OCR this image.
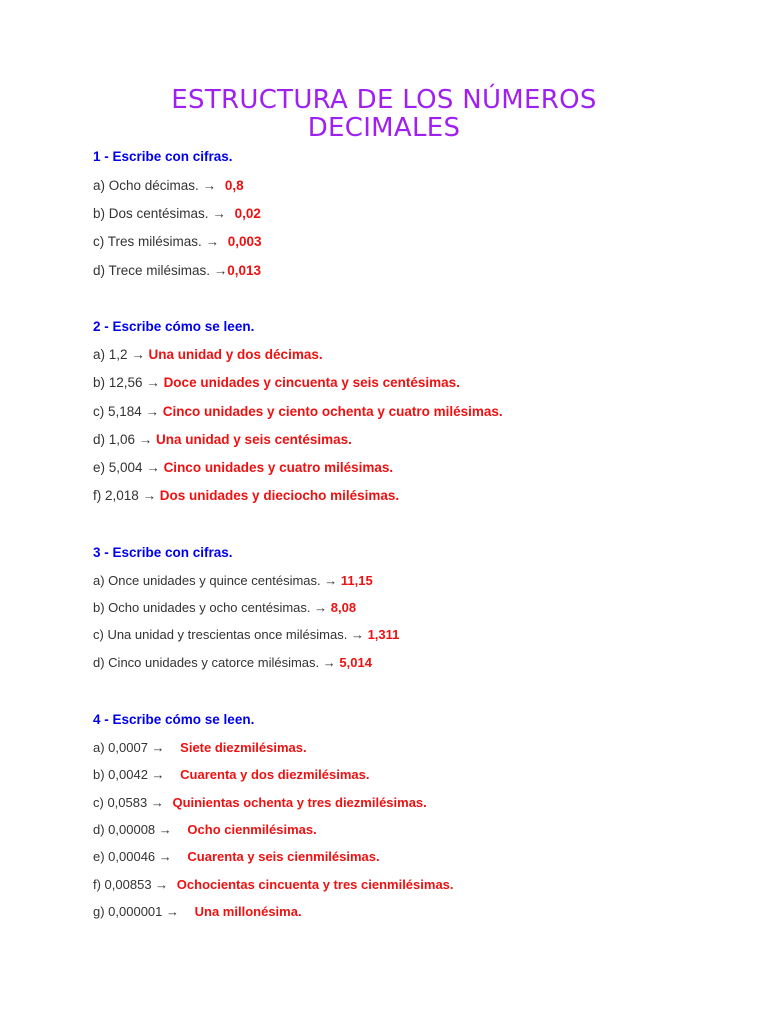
ESTRUCTURA DE LOS NÚMEROS
DECIMALES
1 - Escribe con cifras.
a) Ocho décimas. → 0,8
b) Dos centésimas. → 0,02
c) Tres milésimas. → 0,003
d) Trece milésimas. →0,013
2 - Escribe cómo se leen.
a) 1,2 → Una unidad y dos décimas.
b) 12,56 → Doce unidades y cincuenta y seis centésimas.
c) 5,184 → Cinco unidades y ciento ochenta y cuatro milésimas.
d) 1,06 → Una unidad y seis centésimas.
e) 5,004 → Cinco unidades y cuatro milésimas.
f) 2,018 → Dos unidades y dieciocho milésimas.
3 - Escribe con cifras.
a) Once unidades y quince centésimas. → 11,15
b) Ocho unidades y ocho centésimas. → 8,08
c) Una unidad y trescientas once milésimas. → 1,311
d) Cinco unidades y catorce milésimas. → 5,014
4 - Escribe cómo se leen.
a) 0,0007 → Siete diezmilésimas.
b) 0,0042 → Cuarenta y dos diezmilésimas.
c) 0,0583 → Quinientas ochenta y tres diezmilésimas.
d) 0,00008 → Ocho cienmilésimas.
e) 0,00046 → Cuarenta y seis cienmilésimas.
f) 0,00853 → Ochocientas cincuenta y tres cienmilésimas.
g) 0,000001 → Una millonésima.
